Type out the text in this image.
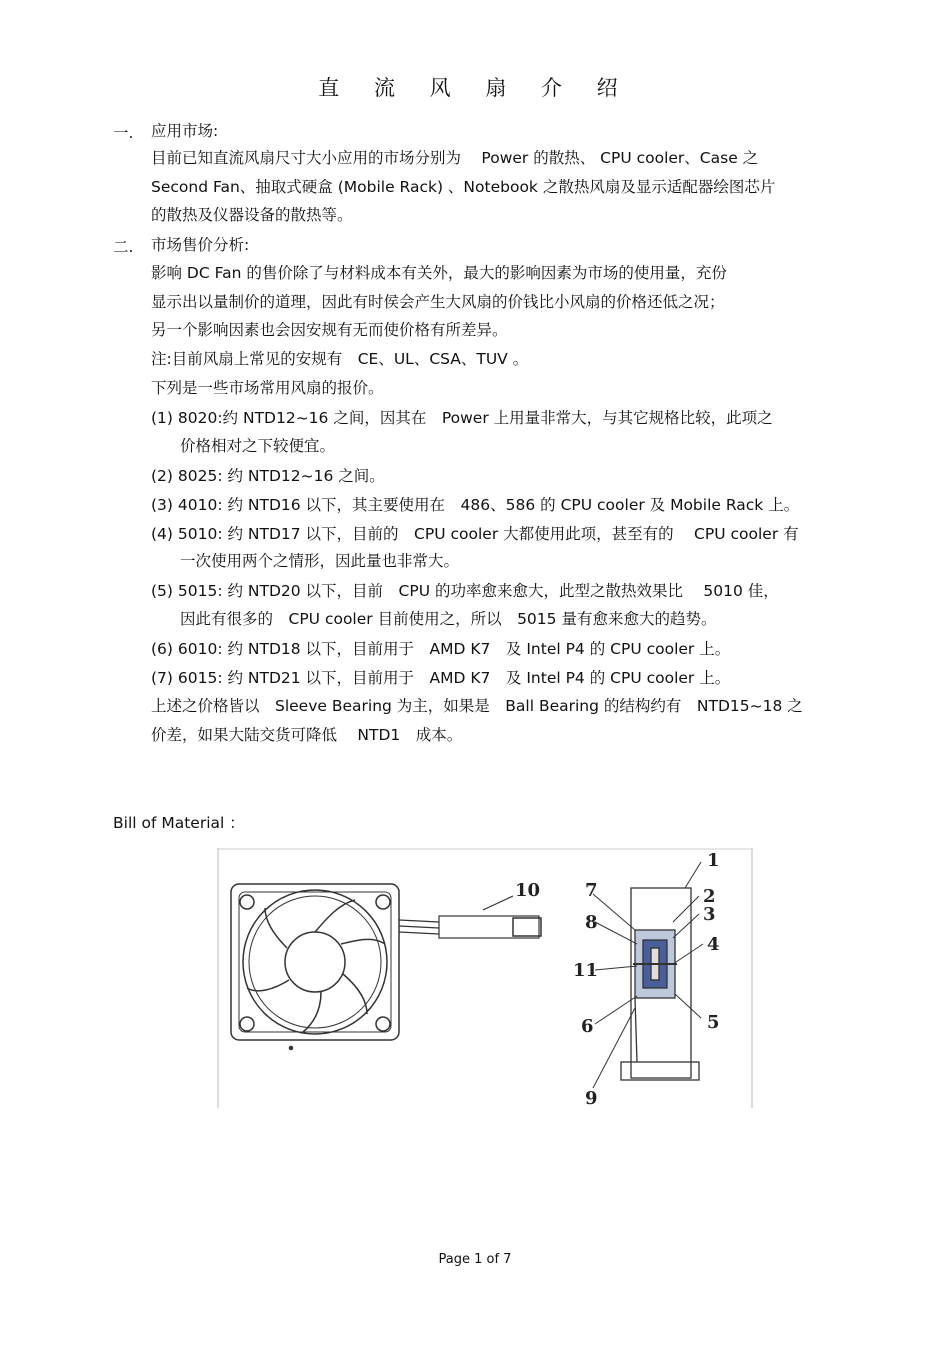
直 流 风 扇 介 绍
一. 应用市场:
目前已知直流风扇尺寸大小应用的市场分别为　 Power 的散热、 CPU cooler、Case 之
Second Fan、抽取式硬盒 (Mobile Rack) 、Notebook 之散热风扇及显示适配器绘图芯片
的散热及仪器设备的散热等。
二. 市场售价分析:
影响 DC Fan 的售价除了与材料成本有关外，最大的影响因素为市场的使用量，充份
显示出以量制价的道理，因此有时侯会产生大风扇的价钱比小风扇的价格还低之况；
另一个影响因素也会因安规有无而使价格有所差异。
注:目前风扇上常见的安规有　CE、UL、CSA、TUV 。
下列是一些市场常用风扇的报价。
(1) 8020:约 NTD12~16 之间，因其在　Power 上用量非常大，与其它规格比较，此项之
价格相对之下较便宜。
(2) 8025: 约 NTD12~16 之间。
(3) 4010: 约 NTD16 以下，其主要使用在　486、586 的 CPU cooler 及 Mobile Rack 上。
(4) 5010: 约 NTD17 以下，目前的　CPU cooler 大都使用此项，甚至有的　 CPU cooler 有
一次使用两个之情形，因此量也非常大。
(5) 5015: 约 NTD20 以下，目前　CPU 的功率愈来愈大，此型之散热效果比　 5010 佳，
因此有很多的　CPU cooler 目前使用之，所以　5015 量有愈来愈大的趋势。
(6) 6010: 约 NTD18 以下，目前用于　AMD K7　及 Intel P4 的 CPU cooler 上。
(7) 6015: 约 NTD21 以下，目前用于　AMD K7　及 Intel P4 的 CPU cooler 上。
上述之价格皆以　Sleeve Bearing 为主，如果是　Ball Bearing 的结构约有　NTD15~18 之
价差，如果大陆交货可降低　 NTD1　成本。
Bill of Material ：
1
2
3
4
5
6
7
8
9
10
11
Page 1 of 7
